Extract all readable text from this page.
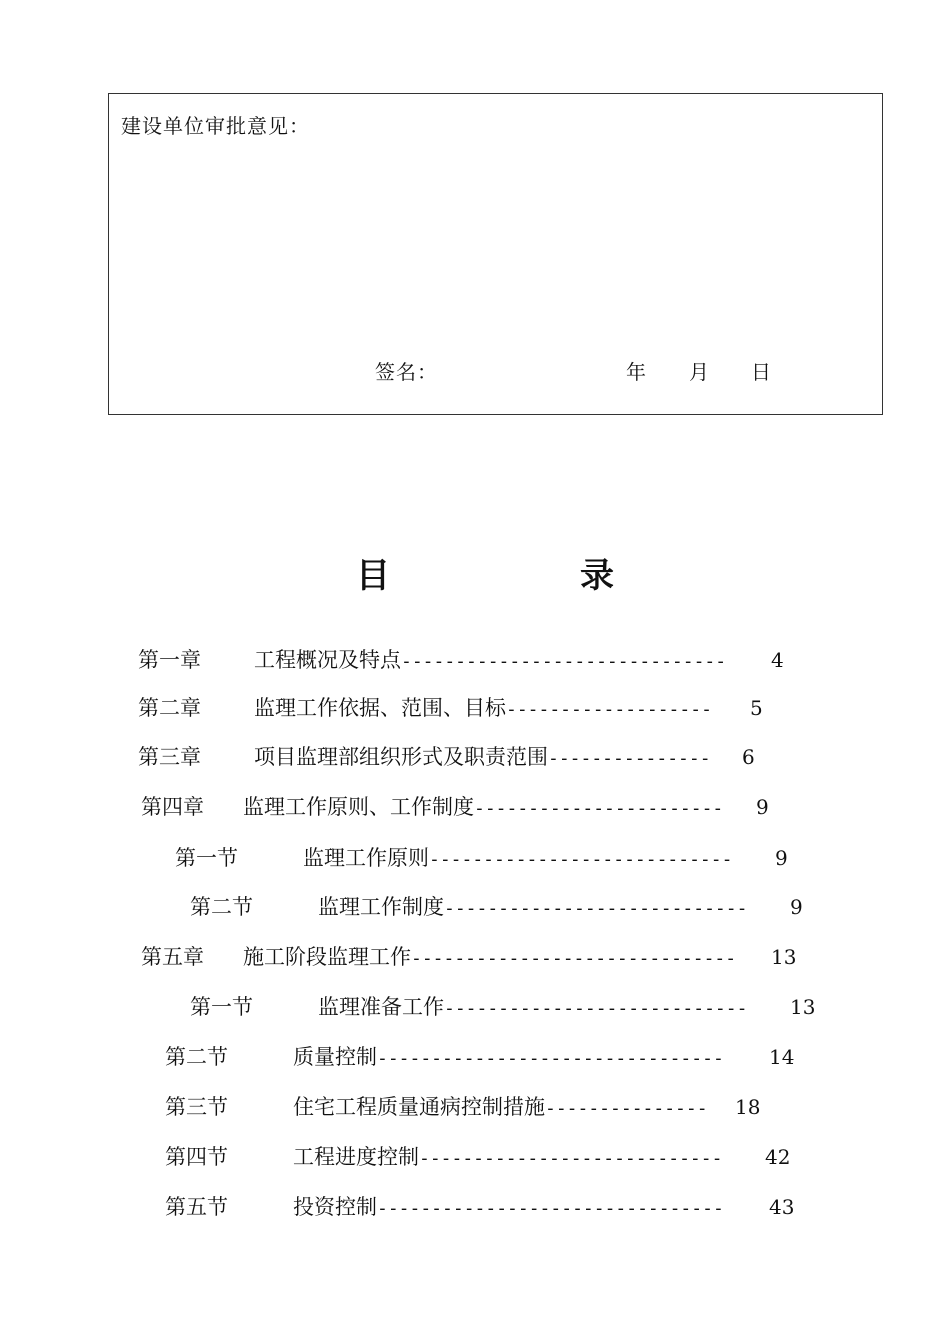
建设单位审批意见：
签名：	年 月 日
目	录
第一章	工程概况及特点 ------------------------------	4
第二章	监理工作依据、范围、目标 -------------------	5
第三章	项目监理部组织形式及职责范围 ---------------	6
第四章 监理工作原则、工作制度 -----------------------	9
第一节	监理工作原则 ----------------------------	9
第二节	监理工作制度 ----------------------------	9
第五章 施工阶段监理工作 ------------------------------	13
第一节	监理准备工作 ----------------------------	13
第二节	质量控制 --------------------------------	14
第三节	住宅工程质量通病控制措施 ---------------	18
第四节	工程进度控制 ----------------------------	42
第五节	投资控制 --------------------------------	43
